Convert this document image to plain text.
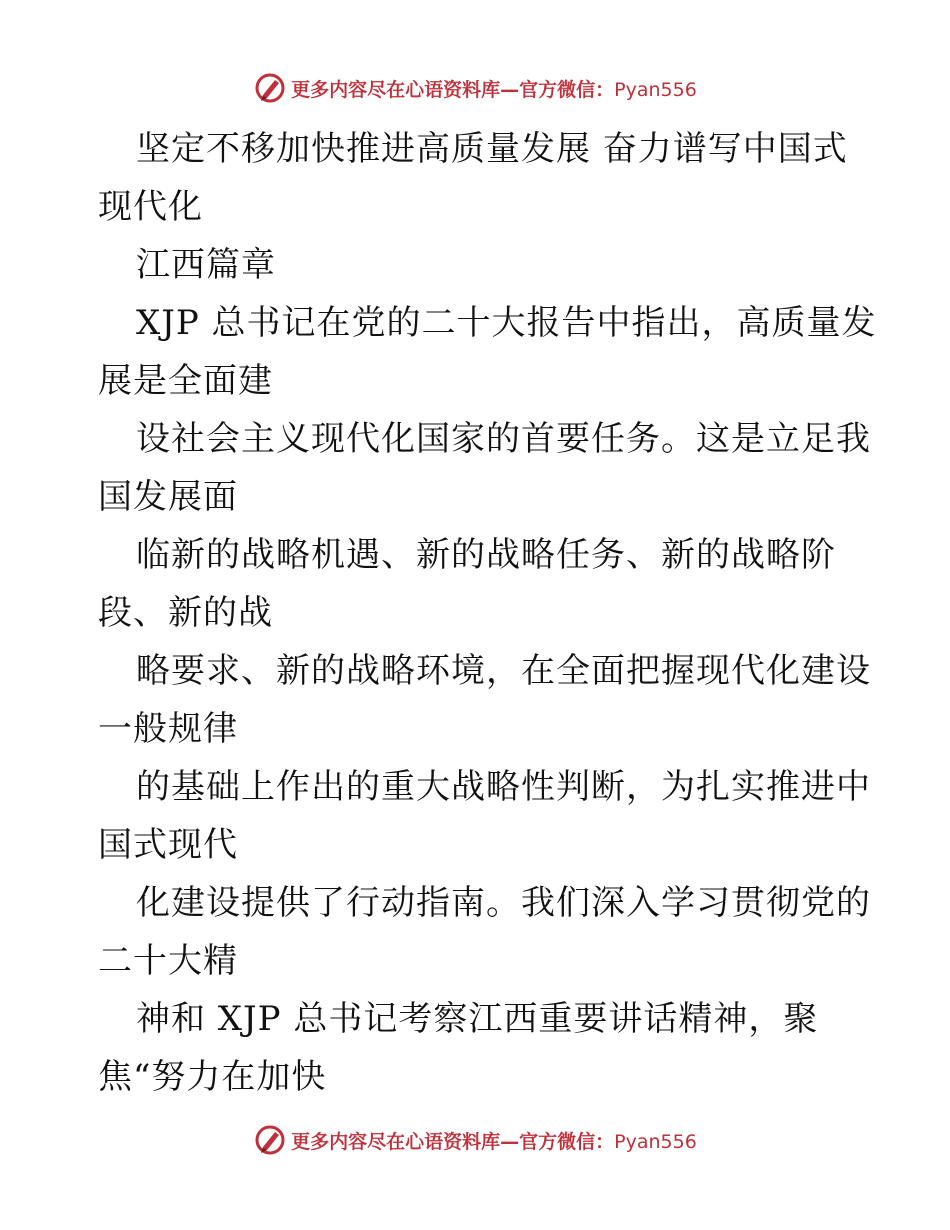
更多内容尽在心语资料库—官方微信：Pyan556

坚定不移加快推进高质量发展 奋力谱写中国式
现代化

江西篇章

XJP 总书记在党的二十大报告中指出，高质量发
展是全面建

设社会主义现代化国家的首要任务。这是立足我
国发展面

临新的战略机遇、新的战略任务、新的战略阶
段、新的战

略要求、新的战略环境，在全面把握现代化建设
一般规律

的基础上作出的重大战略性判断，为扎实推进中
国式现代

化建设提供了行动指南。我们深入学习贯彻党的
二十大精

神和 XJP 总书记考察江西重要讲话精神，聚
焦“努力在加快

更多内容尽在心语资料库—官方微信：Pyan556
